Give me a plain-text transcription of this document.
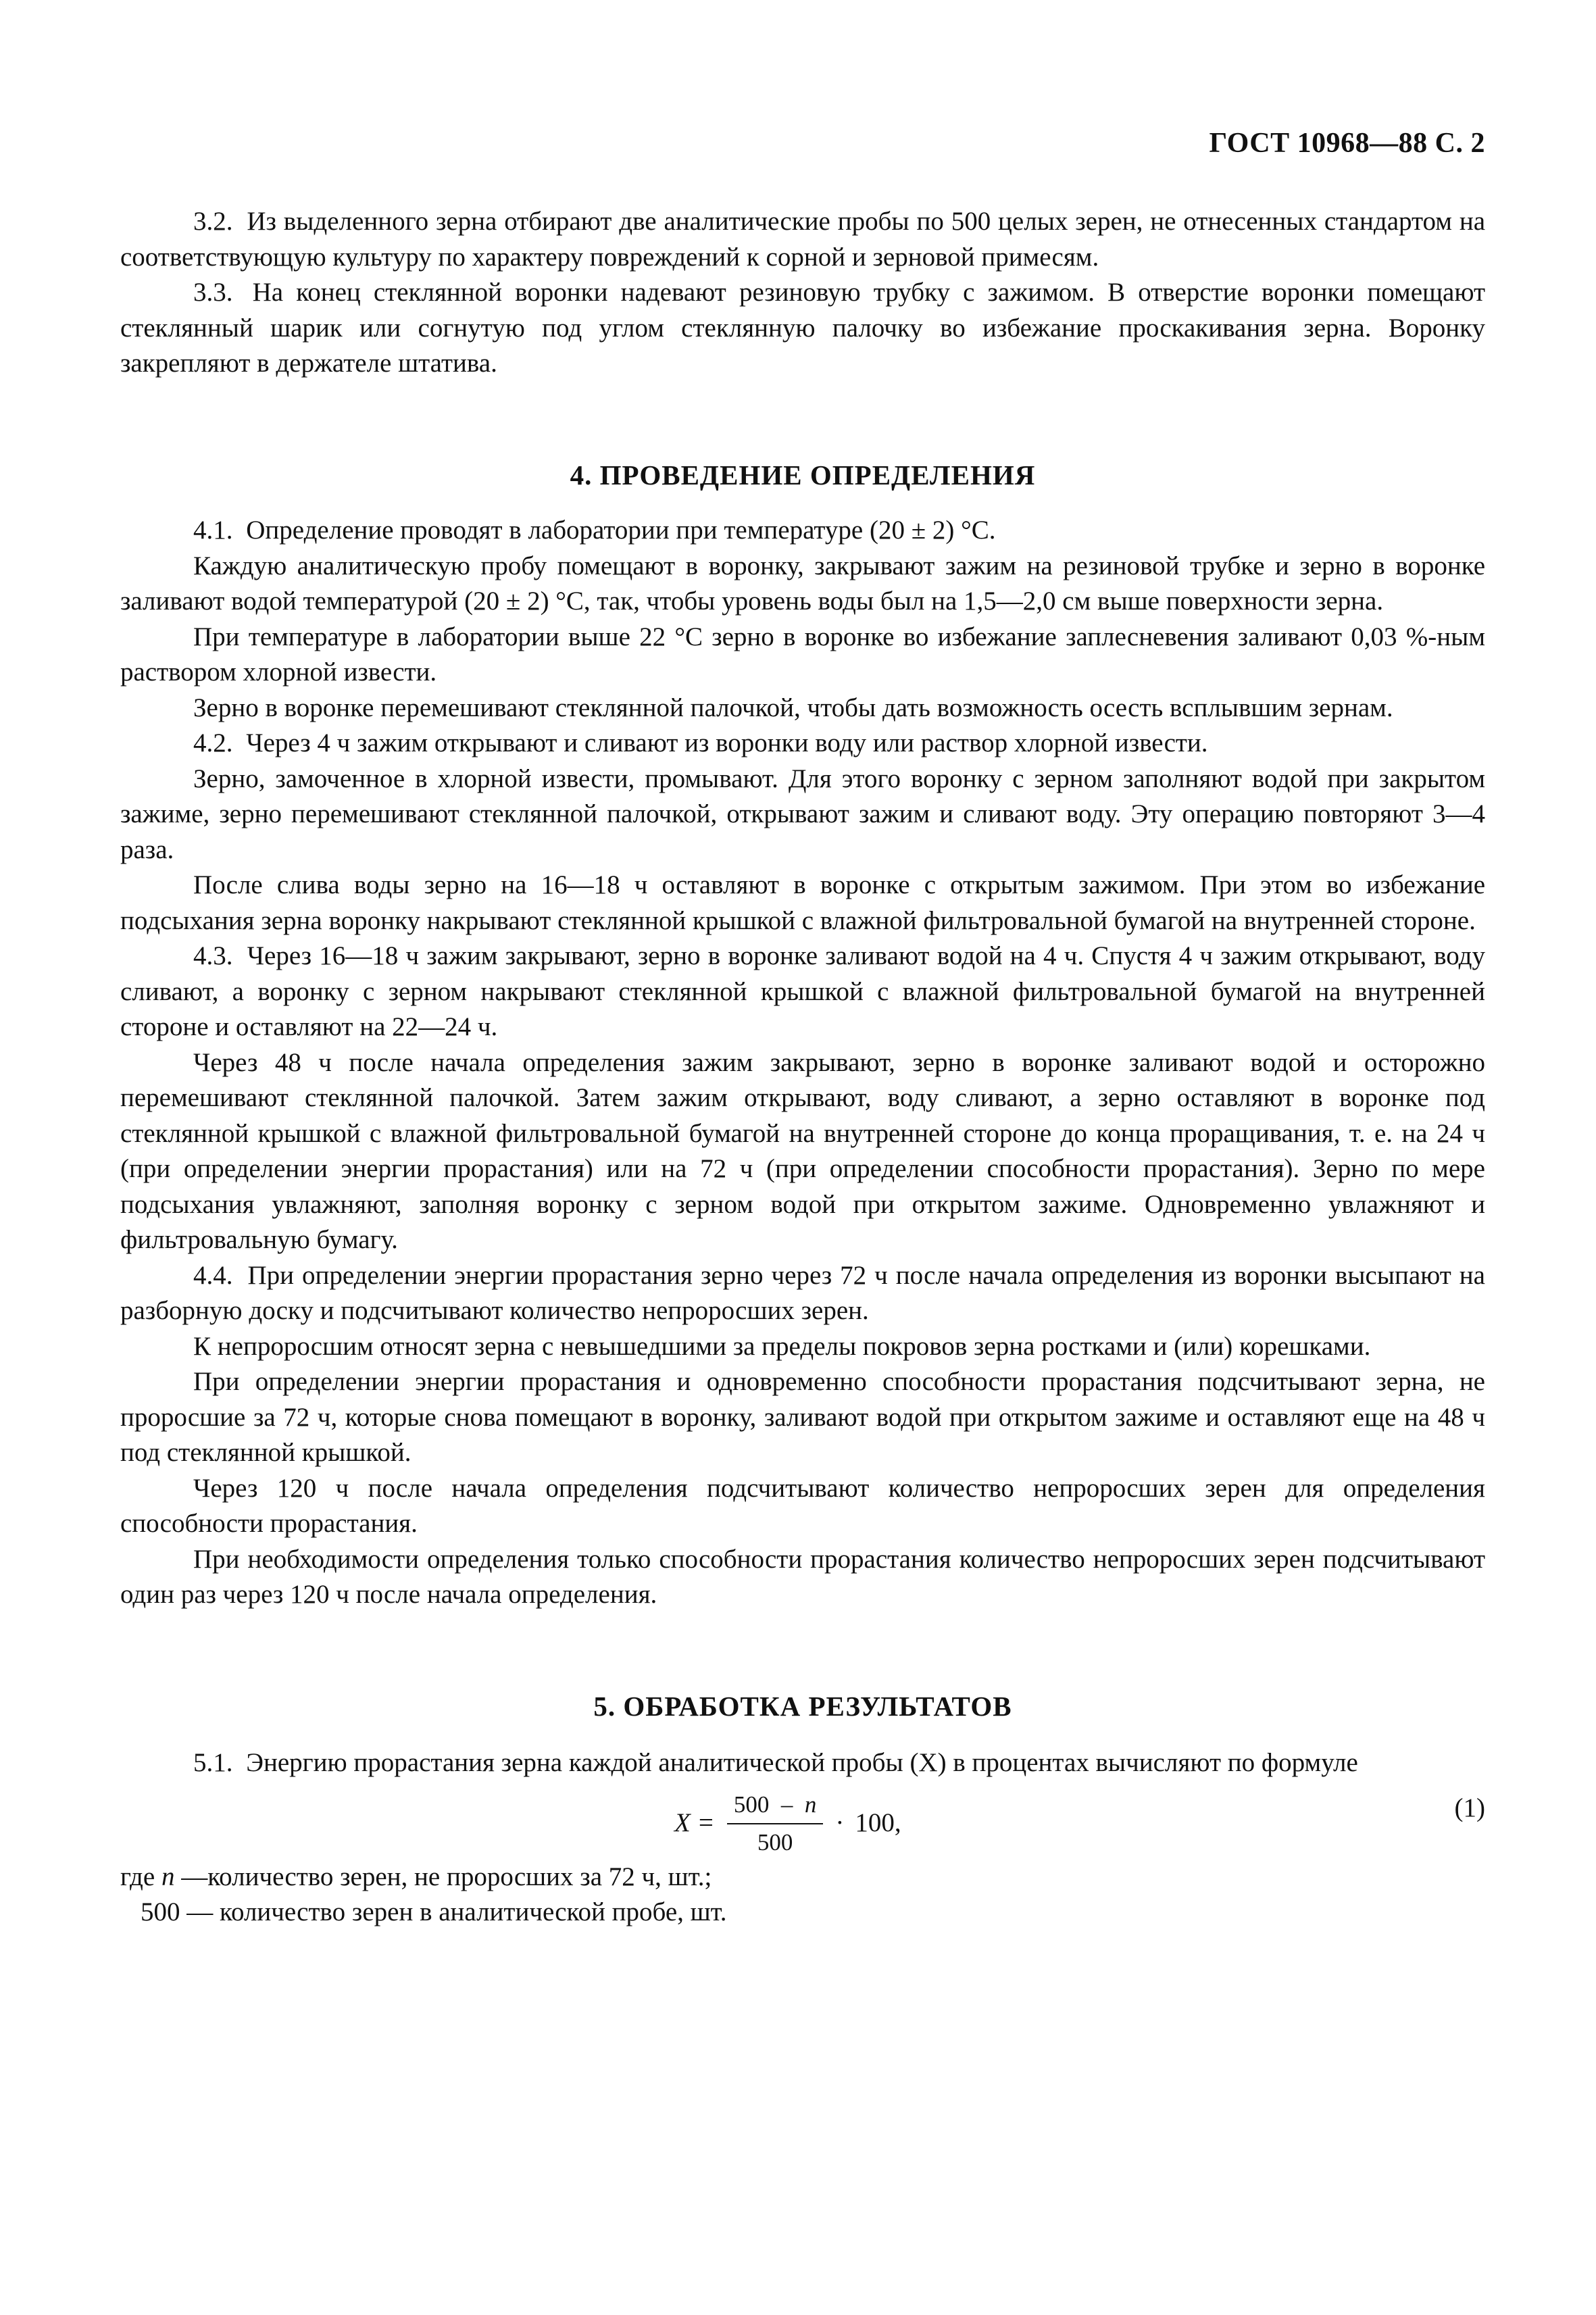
ГОСТ 10968—88 С. 2

3.2. Из выделенного зерна отбирают две аналитические пробы по 500 целых зерен, не отнесенных стандартом на соответствующую культуру по характеру повреждений к сорной и зерновой примесям.

3.3. На конец стеклянной воронки надевают резиновую трубку с зажимом. В отверстие воронки помещают стеклянный шарик или согнутую под углом стеклянную палочку во избежание проскакивания зерна. Воронку закрепляют в держателе штатива.

4. ПРОВЕДЕНИЕ ОПРЕДЕЛЕНИЯ

4.1. Определение проводят в лаборатории при температуре (20 ± 2) °С.

Каждую аналитическую пробу помещают в воронку, закрывают зажим на резиновой трубке и зерно в воронке заливают водой температурой (20 ± 2) °С, так, чтобы уровень воды был на 1,5—2,0 см выше поверхности зерна.

При температуре в лаборатории выше 22 °С зерно в воронке во избежание заплесневения заливают 0,03 %-ным раствором хлорной извести.

Зерно в воронке перемешивают стеклянной палочкой, чтобы дать возможность осесть всплывшим зернам.

4.2. Через 4 ч зажим открывают и сливают из воронки воду или раствор хлорной извести.

Зерно, замоченное в хлорной извести, промывают. Для этого воронку с зерном заполняют водой при закрытом зажиме, зерно перемешивают стеклянной палочкой, открывают зажим и сливают воду. Эту операцию повторяют 3—4 раза.

После слива воды зерно на 16—18 ч оставляют в воронке с открытым зажимом. При этом во избежание подсыхания зерна воронку накрывают стеклянной крышкой с влажной фильтровальной бумагой на внутренней стороне.

4.3. Через 16—18 ч зажим закрывают, зерно в воронке заливают водой на 4 ч. Спустя 4 ч зажим открывают, воду сливают, а воронку с зерном накрывают стеклянной крышкой с влажной фильтровальной бумагой на внутренней стороне и оставляют на 22—24 ч.

Через 48 ч после начала определения зажим закрывают, зерно в воронке заливают водой и осторожно перемешивают стеклянной палочкой. Затем зажим открывают, воду сливают, а зерно оставляют в воронке под стеклянной крышкой с влажной фильтровальной бумагой на внутренней стороне до конца проращивания, т. е. на 24 ч (при определении энергии прорастания) или на 72 ч (при определении способности прорастания). Зерно по мере подсыхания увлажняют, заполняя воронку с зерном водой при открытом зажиме. Одновременно увлажняют и фильтровальную бумагу.

4.4. При определении энергии прорастания зерно через 72 ч после начала определения из воронки высыпают на разборную доску и подсчитывают количество непроросших зерен.

К непроросшим относят зерна с невышедшими за пределы покровов зерна ростками и (или) корешками.

При определении энергии прорастания и одновременно способности прорастания подсчитывают зерна, не проросшие за 72 ч, которые снова помещают в воронку, заливают водой при открытом зажиме и оставляют еще на 48 ч под стеклянной крышкой.

Через 120 ч после начала определения подсчитывают количество непроросших зерен для определения способности прорастания.

При необходимости определения только способности прорастания количество непроросших зерен подсчитывают один раз через 120 ч после начала определения.

5. ОБРАБОТКА РЕЗУЛЬТАТОВ

5.1. Энергию прорастания зерна каждой аналитической пробы (X) в процентах вычисляют по формуле

$X = \frac{500 - n}{500} \cdot 100$,
(1)

где n —количество зерен, не проросших за 72 ч, шт.;

500 — количество зерен в аналитической пробе, шт.
